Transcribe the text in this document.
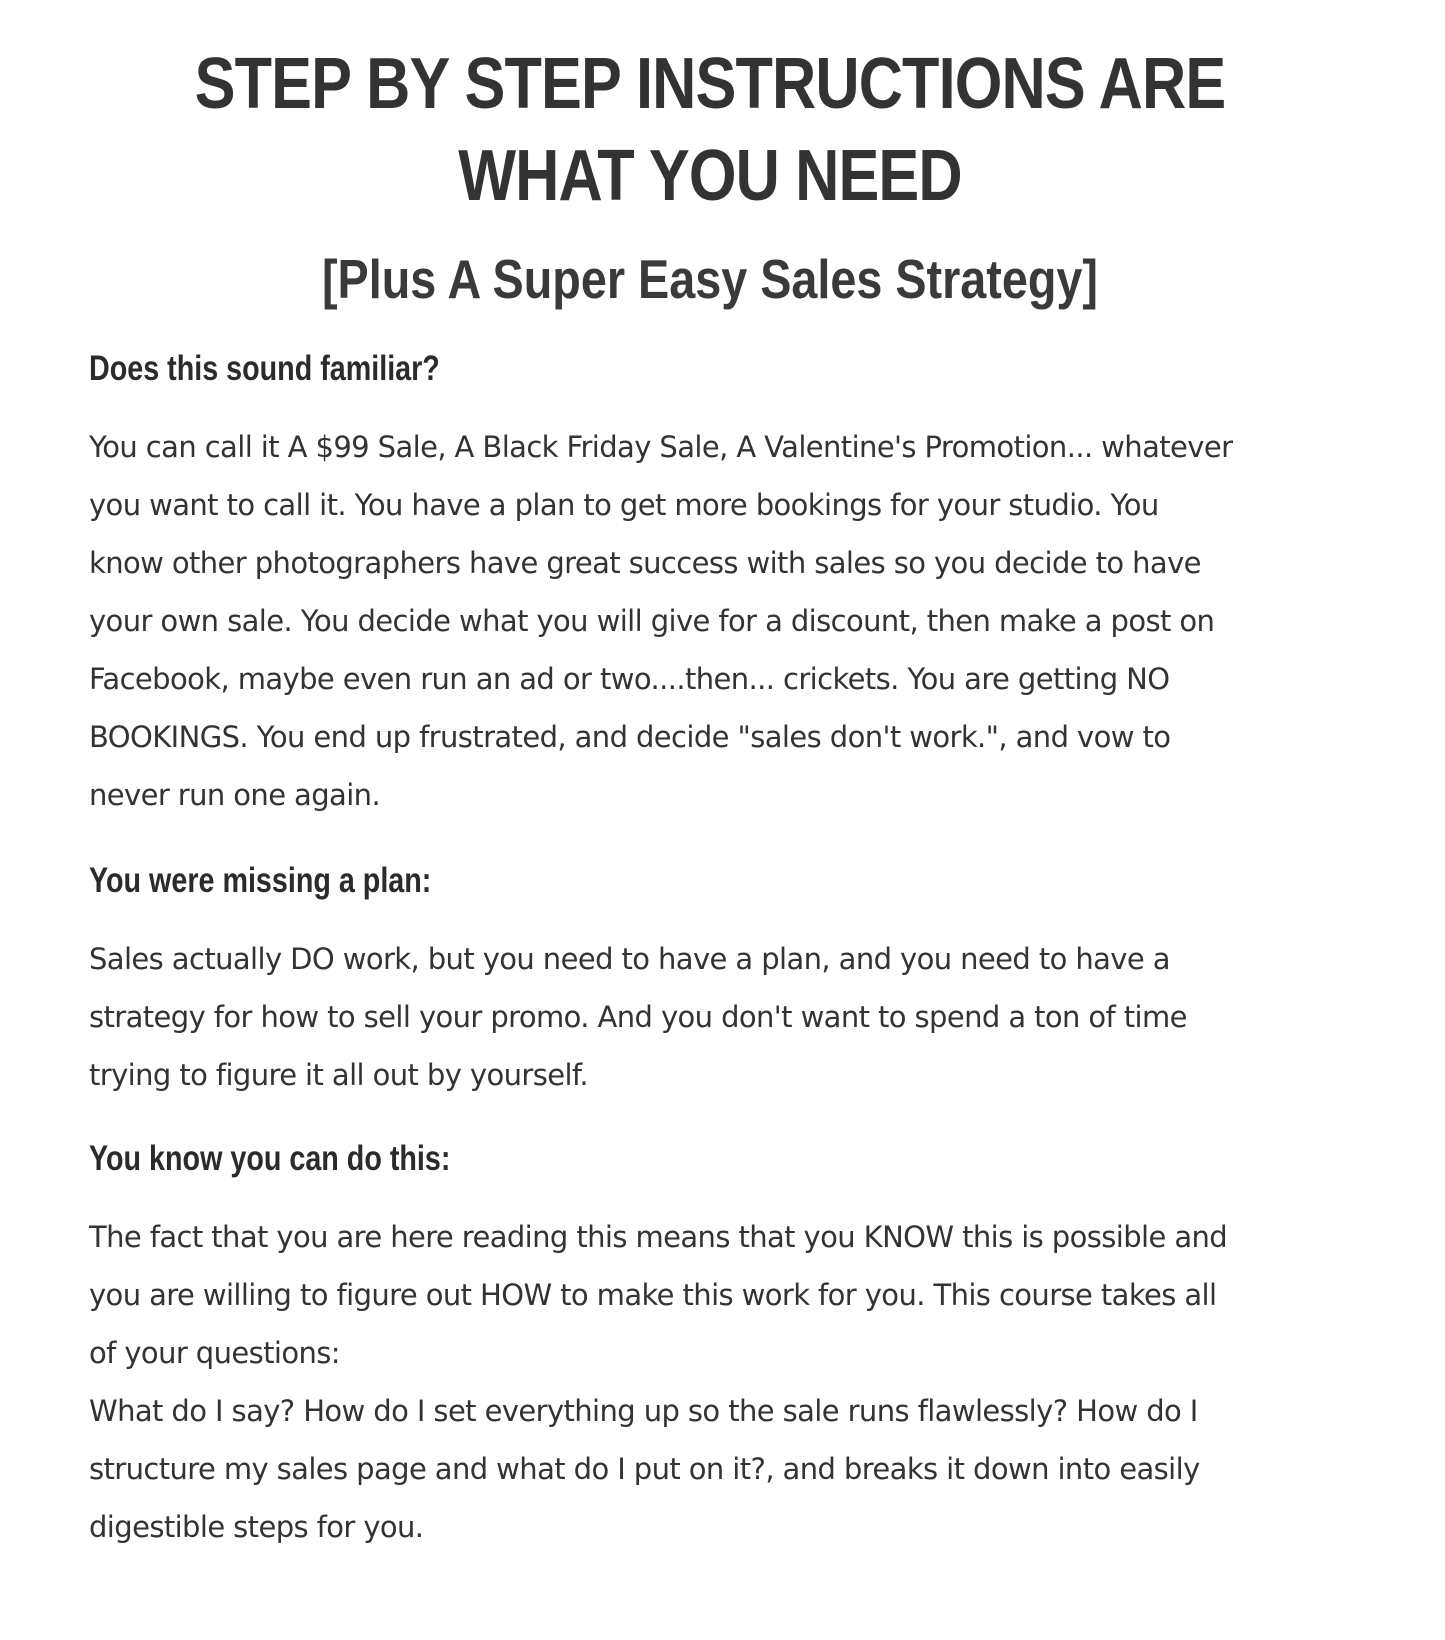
STEP BY STEP INSTRUCTIONS ARE WHAT YOU NEED
[Plus A Super Easy Sales Strategy]
Does this sound familiar?

You can call it A $99 Sale, A Black Friday Sale, A Valentine's Promotion... whatever
you want to call it. You have a plan to get more bookings for your studio. You
know other photographers have great success with sales so you decide to have
your own sale. You decide what you will give for a discount, then make a post on
Facebook, maybe even run an ad or two....then... crickets. You are getting NO
BOOKINGS. You end up frustrated, and decide "sales don't work.", and vow to
never run one again.

You were missing a plan:

Sales actually DO work, but you need to have a plan, and you need to have a
strategy for how to sell your promo. And you don't want to spend a ton of time
trying to figure it all out by yourself.

You know you can do this:

The fact that you are here reading this means that you KNOW this is possible and
you are willing to figure out HOW to make this work for you. This course takes all
of your questions:
What do I say? How do I set everything up so the sale runs flawlessly? How do I
structure my sales page and what do I put on it?, and breaks it down into easily
digestible steps for you.
